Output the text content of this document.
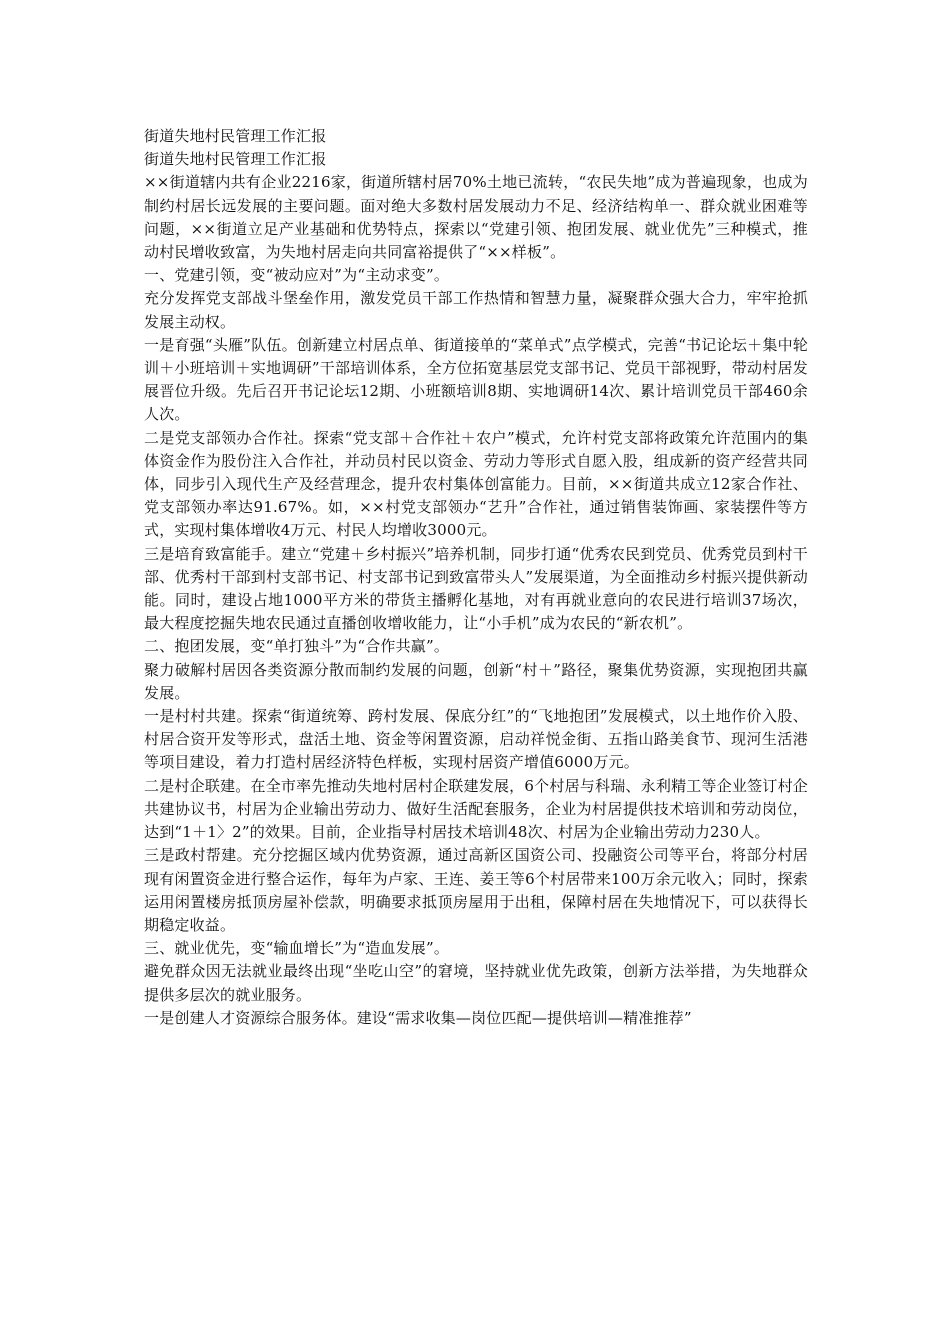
街道失地村民管理工作汇报

街道失地村民管理工作汇报

××街道辖内共有企业2216家，街道所辖村居70%土地已流转，“农民失地”成为普遍现象，也成为制约村居长远发展的主要问题。面对绝大多数村居发展动力不足、经济结构单一、群众就业困难等问题，××街道立足产业基础和优势特点，探索以“党建引领、抱团发展、就业优先”三种模式，推动村民增收致富，为失地村居走向共同富裕提供了“××样板”。

一、党建引领，变“被动应对”为“主动求变”。

充分发挥党支部战斗堡垒作用，激发党员干部工作热情和智慧力量，凝聚群众强大合力，牢牢抢抓发展主动权。

一是育强“头雁”队伍。创新建立村居点单、街道接单的“菜单式”点学模式，完善“书记论坛＋集中轮训＋小班培训＋实地调研”干部培训体系，全方位拓宽基层党支部书记、党员干部视野，带动村居发展晋位升级。先后召开书记论坛12期、小班额培训8期、实地调研14次、累计培训党员干部460余人次。

二是党支部领办合作社。探索“党支部＋合作社＋农户”模式，允许村党支部将政策允许范围内的集体资金作为股份注入合作社，并动员村民以资金、劳动力等形式自愿入股，组成新的资产经营共同体，同步引入现代生产及经营理念，提升农村集体创富能力。目前，××街道共成立12家合作社、党支部领办率达91.67%。如，××村党支部领办“艺升”合作社，通过销售装饰画、家装摆件等方式，实现村集体增收4万元、村民人均增收3000元。

三是培育致富能手。建立“党建＋乡村振兴”培养机制，同步打通“优秀农民到党员、优秀党员到村干部、优秀村干部到村支部书记、村支部书记到致富带头人”发展渠道，为全面推动乡村振兴提供新动能。同时，建设占地1000平方米的带货主播孵化基地，对有再就业意向的农民进行培训37场次，最大程度挖掘失地农民通过直播创收增收能力，让“小手机”成为农民的“新农机”。

二、抱团发展，变“单打独斗”为“合作共赢”。

聚力破解村居因各类资源分散而制约发展的问题，创新“村＋”路径，聚集优势资源，实现抱团共赢发展。

一是村村共建。探索“街道统筹、跨村发展、保底分红”的“飞地抱团”发展模式，以土地作价入股、村居合资开发等形式，盘活土地、资金等闲置资源，启动祥悦金街、五指山路美食节、现河生活港等项目建设，着力打造村居经济特色样板，实现村居资产增值6000万元。

二是村企联建。在全市率先推动失地村居村企联建发展，6个村居与科瑞、永利精工等企业签订村企共建协议书，村居为企业输出劳动力、做好生活配套服务，企业为村居提供技术培训和劳动岗位，达到“1＋1〉2”的效果。目前，企业指导村居技术培训48次、村居为企业输出劳动力230人。

三是政村帮建。充分挖掘区域内优势资源，通过高新区国资公司、投融资公司等平台，将部分村居现有闲置资金进行整合运作，每年为卢家、王连、姜王等6个村居带来100万余元收入；同时，探索运用闲置楼房抵顶房屋补偿款，明确要求抵顶房屋用于出租，保障村居在失地情况下，可以获得长期稳定收益。

三、就业优先，变“输血增长”为“造血发展”。

避免群众因无法就业最终出现“坐吃山空”的窘境，坚持就业优先政策，创新方法举措，为失地群众提供多层次的就业服务。

一是创建人才资源综合服务体。建设“需求收集—岗位匹配—提供培训—精准推荐”
